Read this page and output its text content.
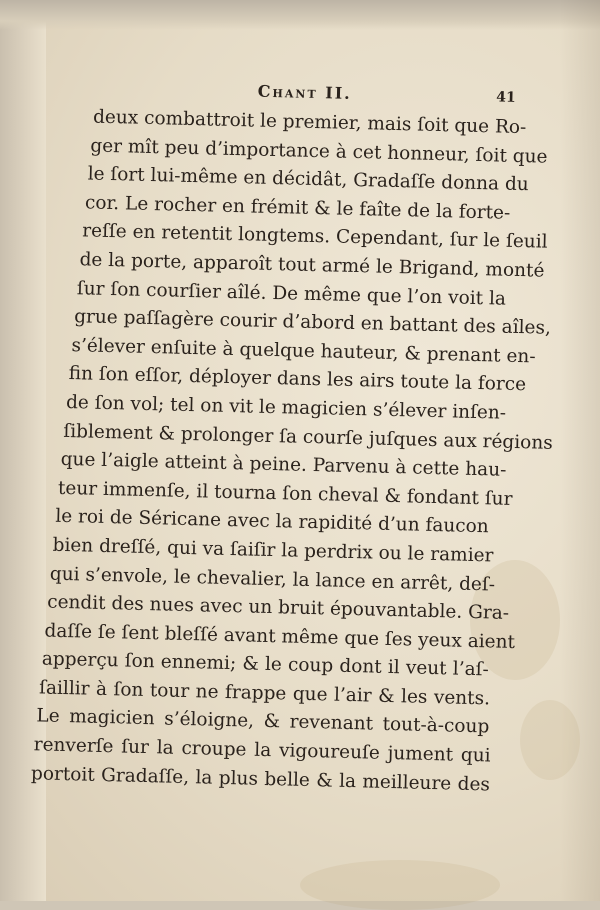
Chant II.	41
deux combattroit le premier, mais ſoit que Ro-
ger mît peu d’importance à cet honneur, ſoit que
le ſort lui-même en décidât, Gradaſſe donna du
cor. Le rocher en frémit & le faîte de la forte-
reſſe en retentit longtems. Cependant, ſur le ſeuil
de la porte, apparoît tout armé le Brigand, monté
ſur ſon courſier aîlé. De même que l’on voit la
grue paſſagère courir d’abord en battant des aîles,
s’élever enſuite à quelque hauteur, & prenant en-
fin ſon eſſor, déployer dans les airs toute la force
de ſon vol; tel on vit le magicien s’élever inſen-
ſiblement & prolonger ſa courſe juſques aux régions
que l’aigle atteint à peine. Parvenu à cette hau-
teur immenſe, il tourna ſon cheval & fondant ſur
le roi de Séricane avec la rapidité d’un faucon
bien dreſſé, qui va ſaiſir la perdrix ou le ramier
qui s’envole, le chevalier, la lance en arrêt, deſ-
cendit des nues avec un bruit épouvantable. Gra-
daſſe ſe ſent bleſſé avant même que ſes yeux aient
apperçu ſon ennemi; & le coup dont il veut l’aſ-
ſaillir à ſon tour ne frappe que l’air & les vents.
Le magicien s’éloigne, & revenant tout-à-coup
renverſe ſur la croupe la vigoureuſe jument qui
portoit Gradaſſe, la plus belle & la meilleure des
